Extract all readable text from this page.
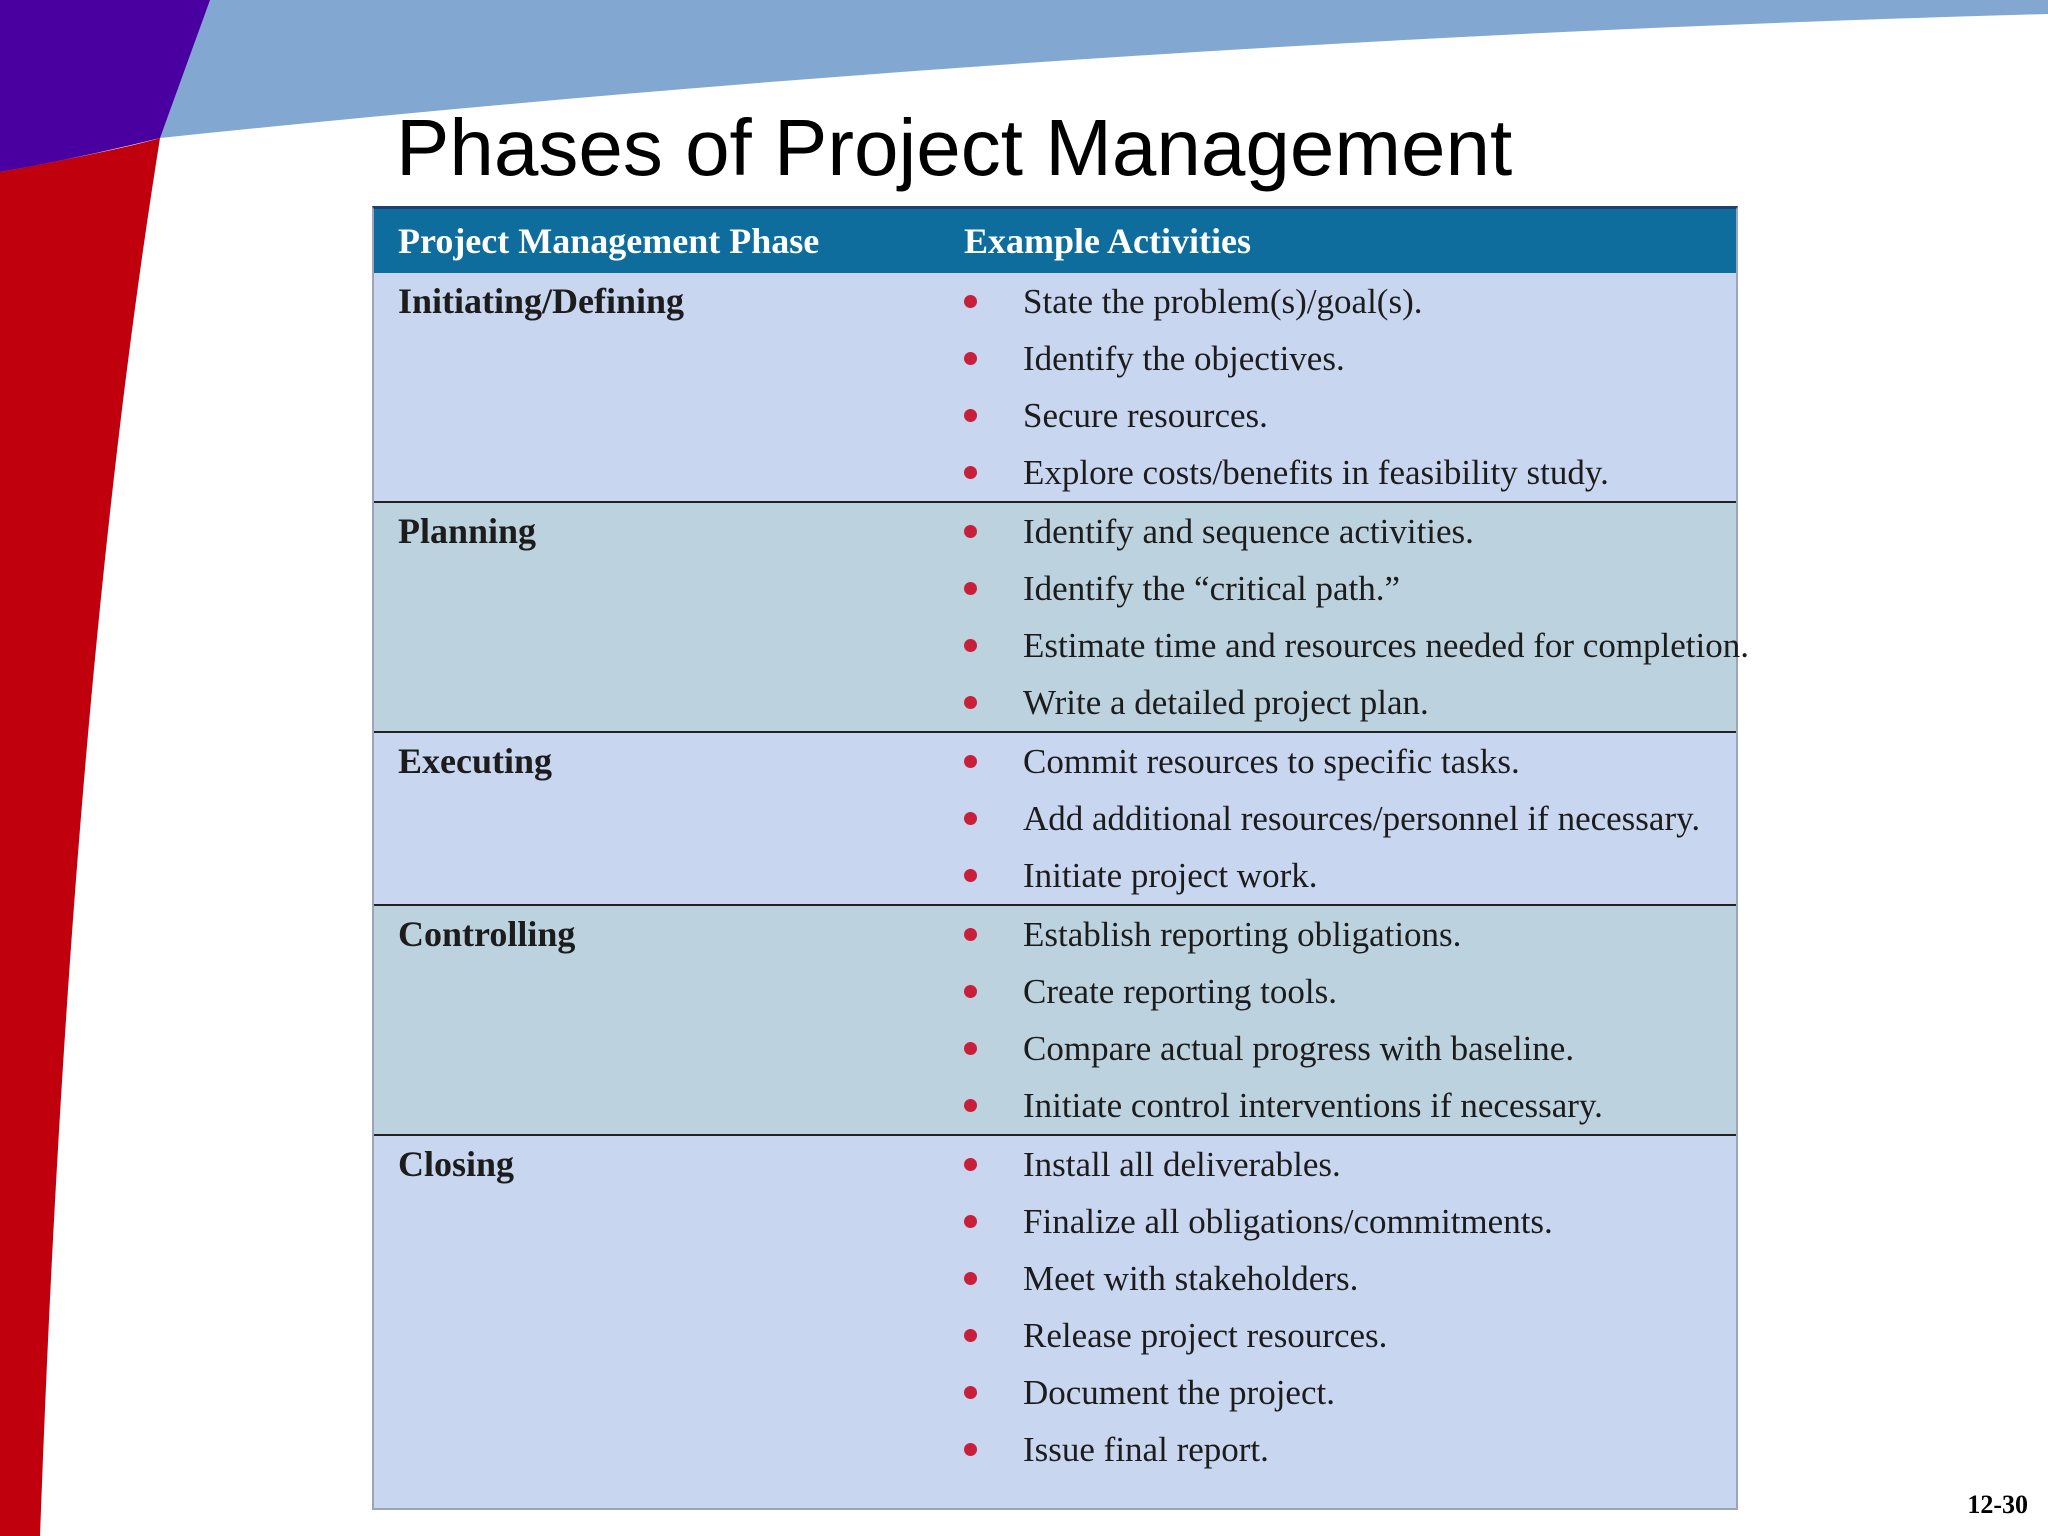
Phases of Project Management
Project Management Phase	Example Activities
Initiating/Defining	State the problem(s)/goal(s).
Identify the objectives.
Secure resources.
Explore costs/benefits in feasibility study.
Planning	Identify and sequence activities.
Identify the “critical path.”
Estimate time and resources needed for completion.
Write a detailed project plan.
Executing	Commit resources to specific tasks.
Add additional resources/personnel if necessary.
Initiate project work.
Controlling	Establish reporting obligations.
Create reporting tools.
Compare actual progress with baseline.
Initiate control interventions if necessary.
Closing	Install all deliverables.
Finalize all obligations/commitments.
Meet with stakeholders.
Release project resources.
Document the project.
Issue final report.
12-30
